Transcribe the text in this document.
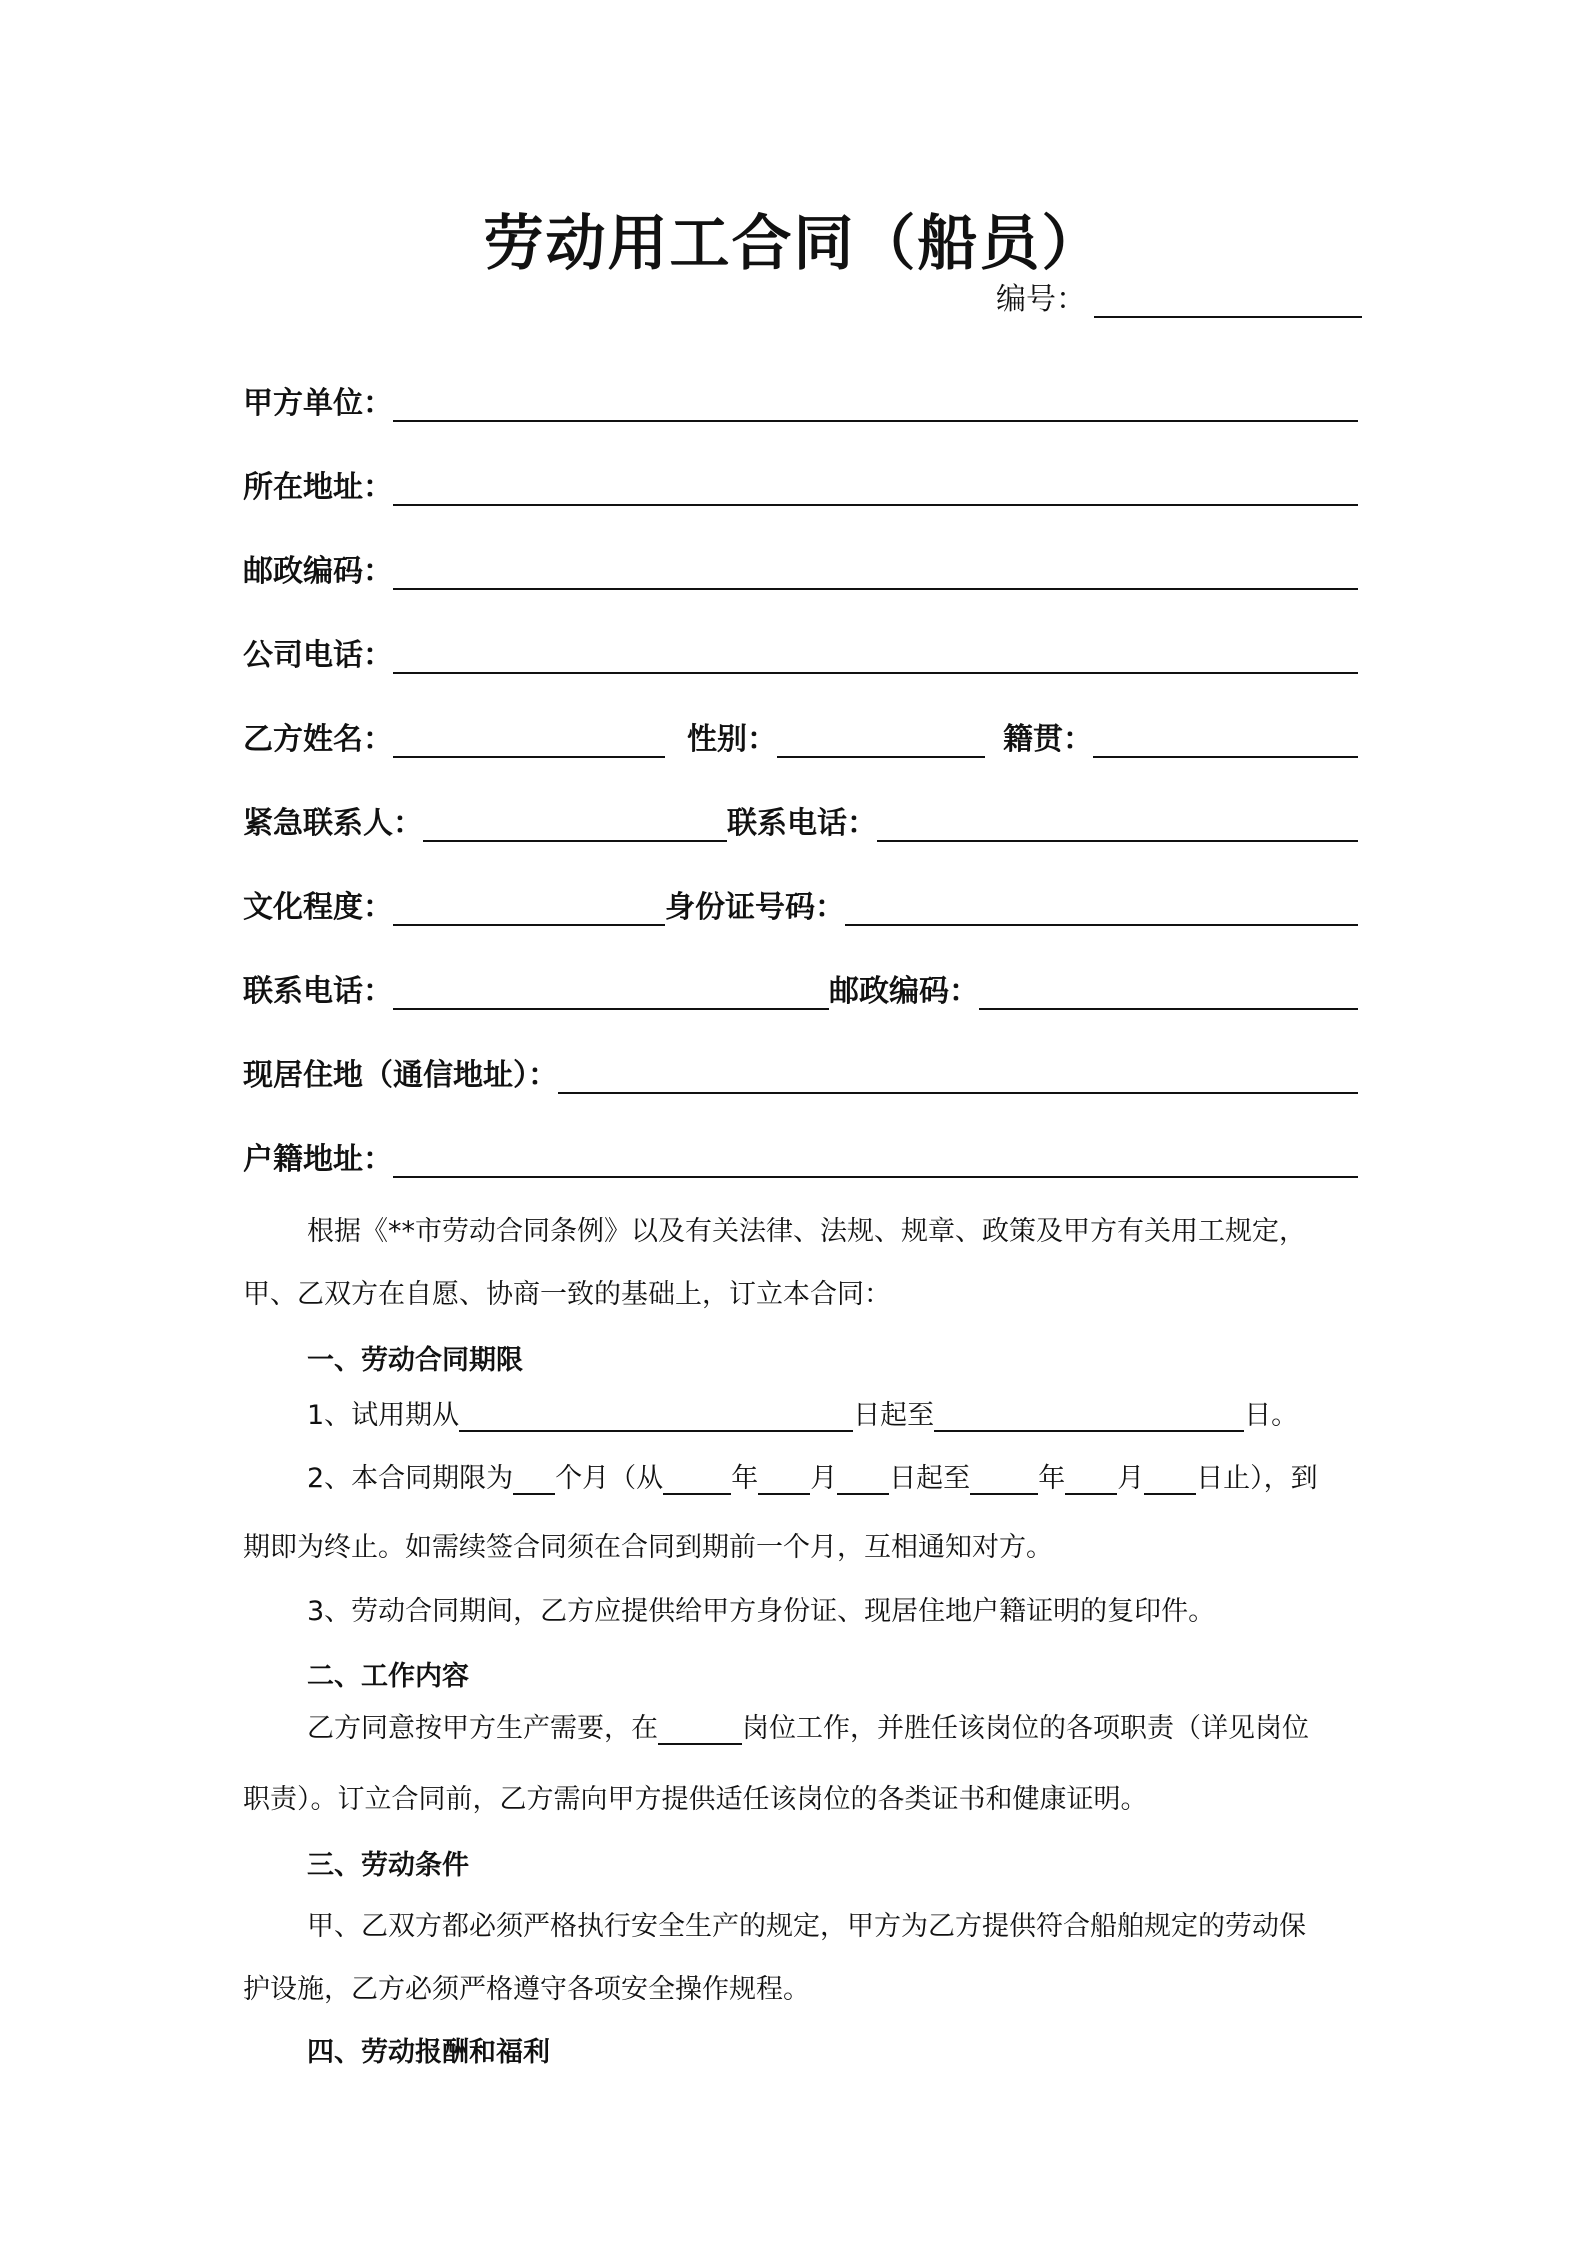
劳动用工合同（船员）
编号：
甲方单位：
所在地址：
邮政编码：
公司电话：
乙方姓名：	性别：	籍贯：
紧急联系人：	联系电话：
文化程度：	身份证号码：
联系电话：	邮政编码：
现居住地（通信地址）：
户籍地址：
根据《**市劳动合同条例》以及有关法律、法规、规章、政策及甲方有关用工规定，
甲、乙双方在自愿、协商一致的基础上，订立本合同：
一、劳动合同期限
1、试用期从	日起至	日。
2、本合同期限为 个月（从	年 月 日起至	年 月 日止），到
期即为终止。如需续签合同须在合同到期前一个月，互相通知对方。
3、劳动合同期间，乙方应提供给甲方身份证、现居住地户籍证明的复印件。
二、工作内容
乙方同意按甲方生产需要，在	岗位工作，并胜任该岗位的各项职责（详见岗位
职责）。订立合同前，乙方需向甲方提供适任该岗位的各类证书和健康证明。
三、劳动条件
甲、乙双方都必须严格执行安全生产的规定，甲方为乙方提供符合船舶规定的劳动保
护设施，乙方必须严格遵守各项安全操作规程。
四、劳动报酬和福利
